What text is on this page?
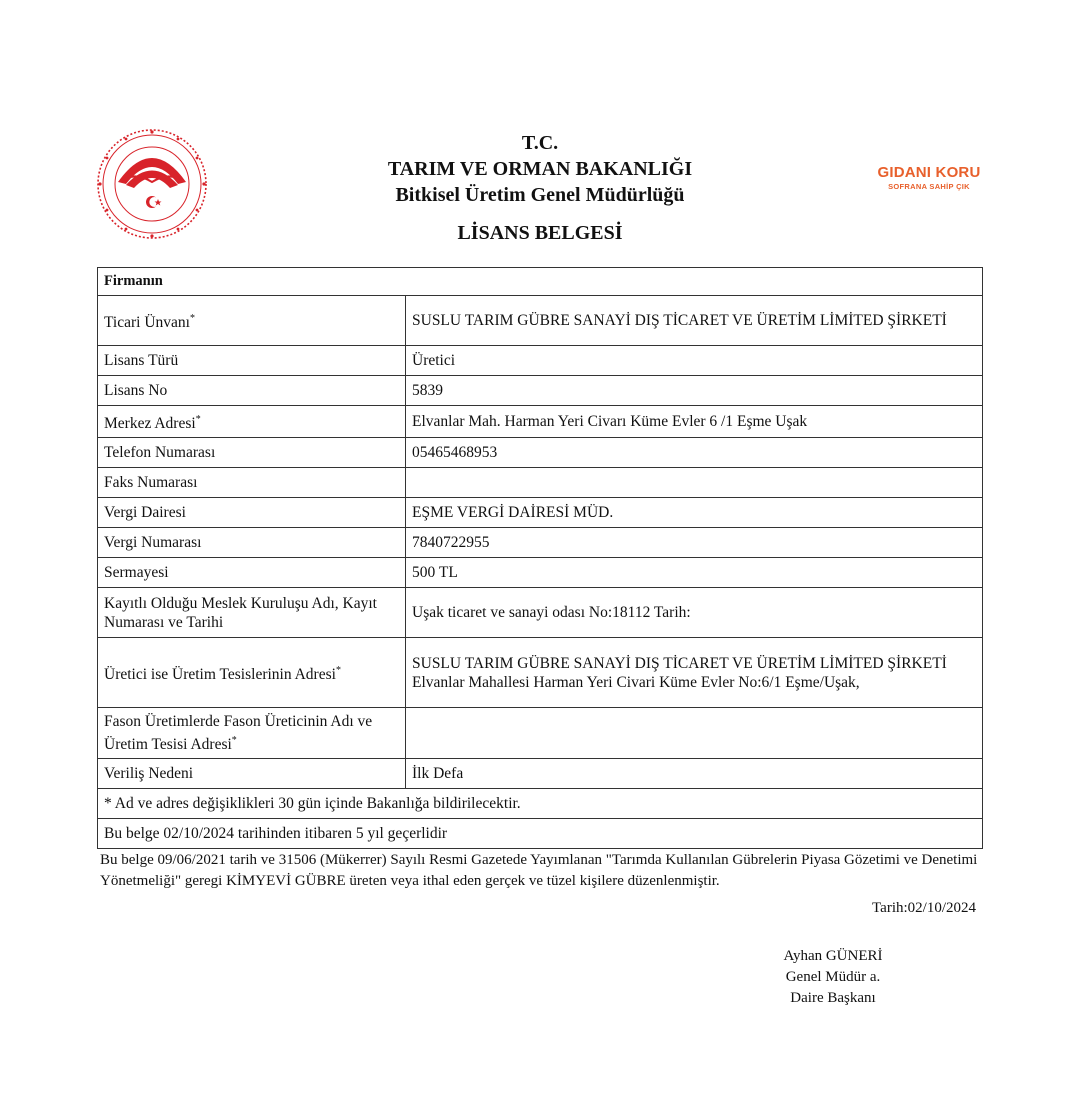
T.C.
TARIM VE ORMAN BAKANLIĞI
Bitkisel Üretim Genel Müdürlüğü
GIDANI KORU
SOFRANA SAHİP ÇIK
LİSANS BELGESİ
Firmanın	
Ticari Ünvanı*	SUSLU TARIM GÜBRE SANAYİ DIŞ TİCARET VE ÜRETİM LİMİTED ŞİRKETİ
Lisans Türü	Üretici
Lisans No	5839
Merkez Adresi*	Elvanlar Mah. Harman Yeri Civarı Küme Evler 6 /1 Eşme Uşak
Telefon Numarası	05465468953
Faks Numarası	
Vergi Dairesi	EŞME VERGİ DAİRESİ MÜD.
Vergi Numarası	7840722955
Sermayesi	500 TL
Kayıtlı Olduğu Meslek Kuruluşu Adı, Kayıt Numarası ve Tarihi	Uşak ticaret ve sanayi odası No:18112 Tarih:
Üretici ise Üretim Tesislerinin Adresi*	SUSLU TARIM GÜBRE SANAYİ DIŞ TİCARET VE ÜRETİM LİMİTED ŞİRKETİ Elvanlar Mahallesi Harman Yeri Civari Küme Evler No:6/1 Eşme/Uşak,
Fason Üretimlerde Fason Üreticinin Adı ve Üretim Tesisi Adresi*	
Veriliş Nedeni	İlk Defa
* Ad ve adres değişiklikleri 30 gün içinde Bakanlığa bildirilecektir.	
Bu belge 02/10/2024 tarihinden itibaren 5 yıl geçerlidir	
Bu belge 09/06/2021 tarih ve 31506 (Mükerrer) Sayılı Resmi Gazetede Yayımlanan "Tarımda Kullanılan Gübrelerin Piyasa Gözetimi ve Denetimi Yönetmeliği" geregi KİMYEVİ GÜBRE üreten veya ithal eden gerçek ve tüzel kişilere düzenlenmiştir.
Tarih:02/10/2024
Ayhan GÜNERİ
Genel Müdür a.
Daire Başkanı
